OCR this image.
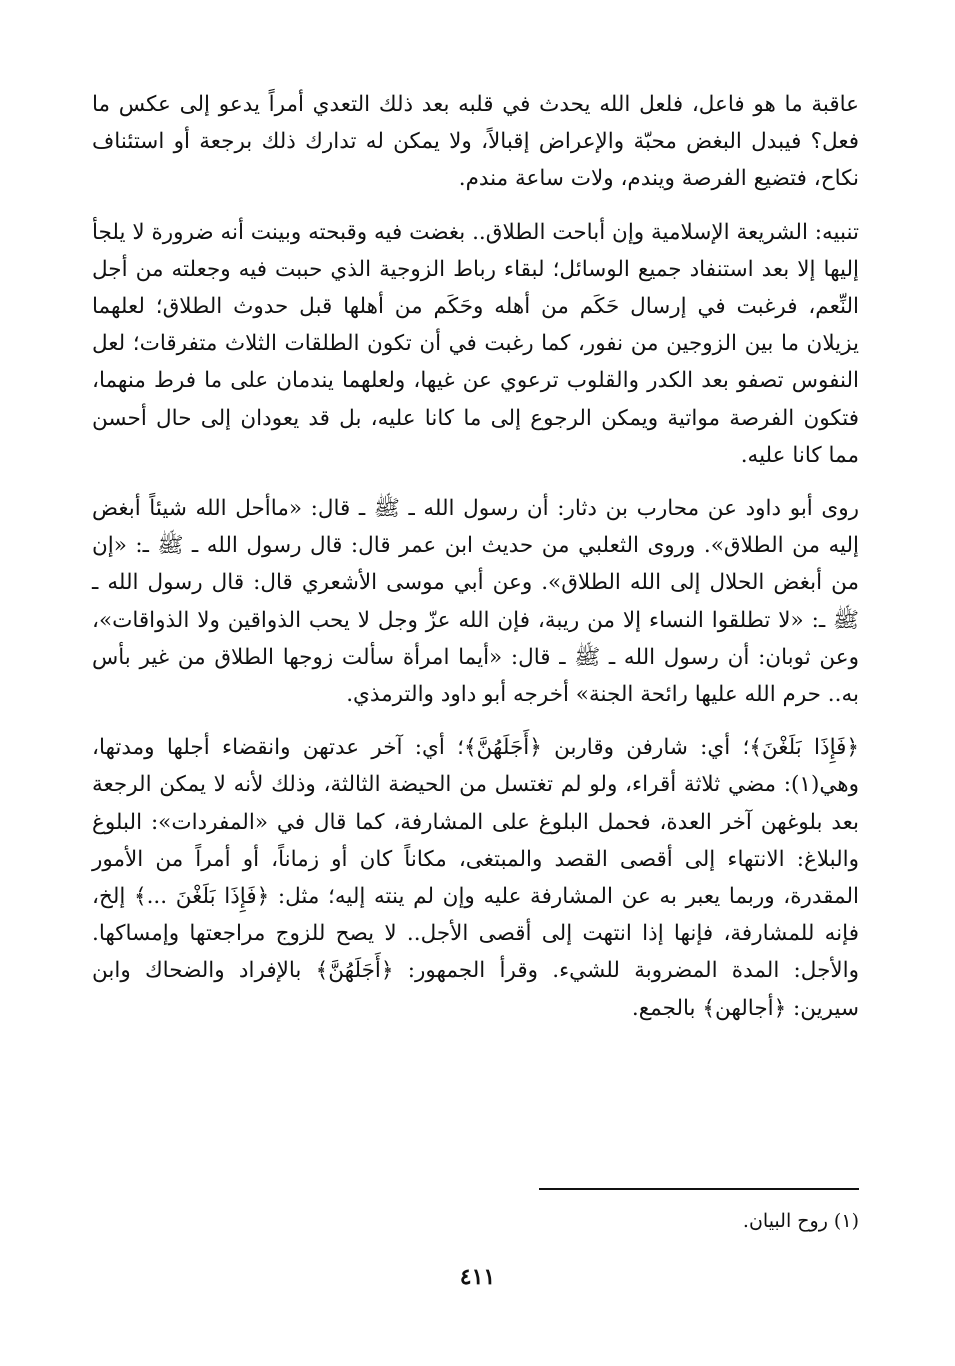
عاقبة ما هو فاعل، فلعل الله يحدث في قلبه بعد ذلك التعدي أمراً يدعو إلى عكس ما فعل؟ فيبدل البغض محبّة والإعراض إقبالاً، ولا يمكن له تدارك ذلك برجعة أو استئناف نكاح، فتضيع الفرصة ويندم، ولات ساعة مندم.

تنبيه: الشريعة الإسلامية وإن أباحت الطلاق.. بغضت فيه وقبحته وبينت أنه ضرورة لا يلجأ إليها إلا بعد استنفاد جميع الوسائل؛ لبقاء رباط الزوجية الذي حببت فيه وجعلته من أجل النِّعم، فرغبت في إرسال حَكَم من أهله وحَكَم من أهلها قبل حدوث الطلاق؛ لعلهما يزيلان ما بين الزوجين من نفور، كما رغبت في أن تكون الطلقات الثلاث متفرقات؛ لعل النفوس تصفو بعد الكدر والقلوب ترعوي عن غيها، ولعلهما يندمان على ما فرط منهما، فتكون الفرصة مواتية ويمكن الرجوع إلى ما كانا عليه، بل قد يعودان إلى حال أحسن مما كانا عليه.

روى أبو داود عن محارب بن دثار: أن رسول الله ـ ﷺ ـ قال: «ماأحل الله شيئاً أبغض إليه من الطلاق». وروى الثعلبي من حديث ابن عمر قال: قال رسول الله ـ ﷺ ـ: «إن من أبغض الحلال إلى الله الطلاق». وعن أبي موسى الأشعري قال: قال رسول الله ـ ﷺ ـ: «لا تطلقوا النساء إلا من ريبة، فإن الله عزّ وجل لا يحب الذواقين ولا الذواقات»، وعن ثوبان: أن رسول الله ـ ﷺ ـ قال: «أيما امرأة سألت زوجها الطلاق من غير بأس به.. حرم الله عليها رائحة الجنة» أخرجه أبو داود والترمذي.

﴿فَإِذَا بَلَغْنَ﴾؛ أي: شارفن وقاربن ﴿أَجَلَهُنَّ﴾؛ أي: آخر عدتهن وانقضاء أجلها ومدتها، وهي(١): مضي ثلاثة أقراء، ولو لم تغتسل من الحيضة الثالثة، وذلك لأنه لا يمكن الرجعة بعد بلوغهن آخر العدة، فحمل البلوغ على المشارفة، كما قال في «المفردات»: البلوغ والبلاغ: الانتهاء إلى أقصى القصد والمبتغى، مكاناً كان أو زماناً، أو أمراً من الأمور المقدرة، وربما يعبر به عن المشارفة عليه وإن لم ينته إليه؛ مثل: ﴿فَإِذَا بَلَغْنَ ...﴾ إلخ، فإنه للمشارفة، فإنها إذا انتهت إلى أقصى الأجل.. لا يصح للزوج مراجعتها وإمساكها. والأجل: المدة المضروبة للشيء. وقرأ الجمهور: ﴿أَجَلَهُنَّ﴾ بالإفراد والضحاك وابن سيرين: ﴿أجالهن﴾ بالجمع.

(١) روح البيان.
٤١١
